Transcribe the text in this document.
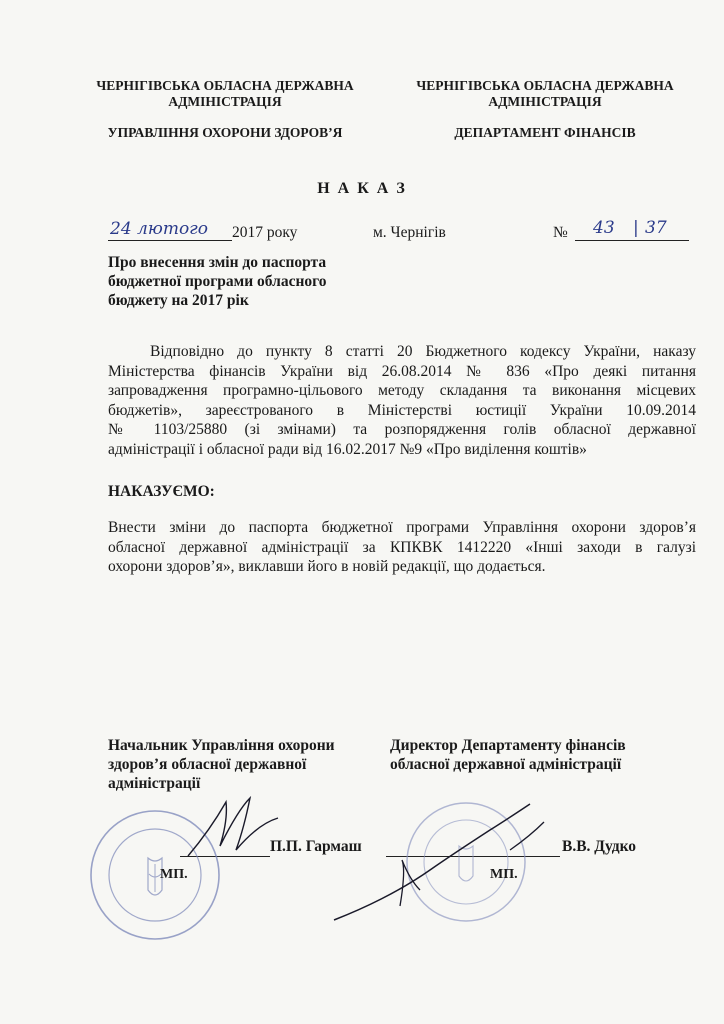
ЧЕРНІГІВСЬКА ОБЛАСНА ДЕРЖАВНА
АДМІНІСТРАЦІЯ
УПРАВЛІННЯ ОХОРОНИ ЗДОРОВ’Я
ЧЕРНІГІВСЬКА ОБЛАСНА ДЕРЖАВНА
АДМІНІСТРАЦІЯ
ДЕПАРТАМЕНТ ФІНАНСІВ
Н А К А З
24 лютого 2017 року	м. Чернігів	№ 43 | 37
Про внесення змін до паспорта
бюджетної програми обласного
бюджету на 2017 рік
Відповідно до пункту 8 статті 20 Бюджетного кодексу України, наказу
Міністерства фінансів України від 26.08.2014 № 836 «Про деякі питання
запровадження програмно-цільового методу складання та виконання місцевих
бюджетів», зареєстрованого в Міністерстві юстиції України 10.09.2014
№ 1103/25880 (зі змінами) та розпорядження голів обласної державної
адміністрації і обласної ради від 16.02.2017 №9 «Про виділення коштів»
НАКАЗУЄМО:
Внести зміни до паспорта бюджетної програми Управління охорони здоров’я
обласної державної адміністрації за КПКВК 1412220 «Інші заходи в галузі
охорони здоров’я», виклавши його в новій редакції, що додається.
Начальник Управління охорони
здоров’я обласної державної
адміністрації
Директор Департаменту фінансів
обласної державної адміністрації
П.П. Гармаш	В.В. Дудко
МП.	МП.
